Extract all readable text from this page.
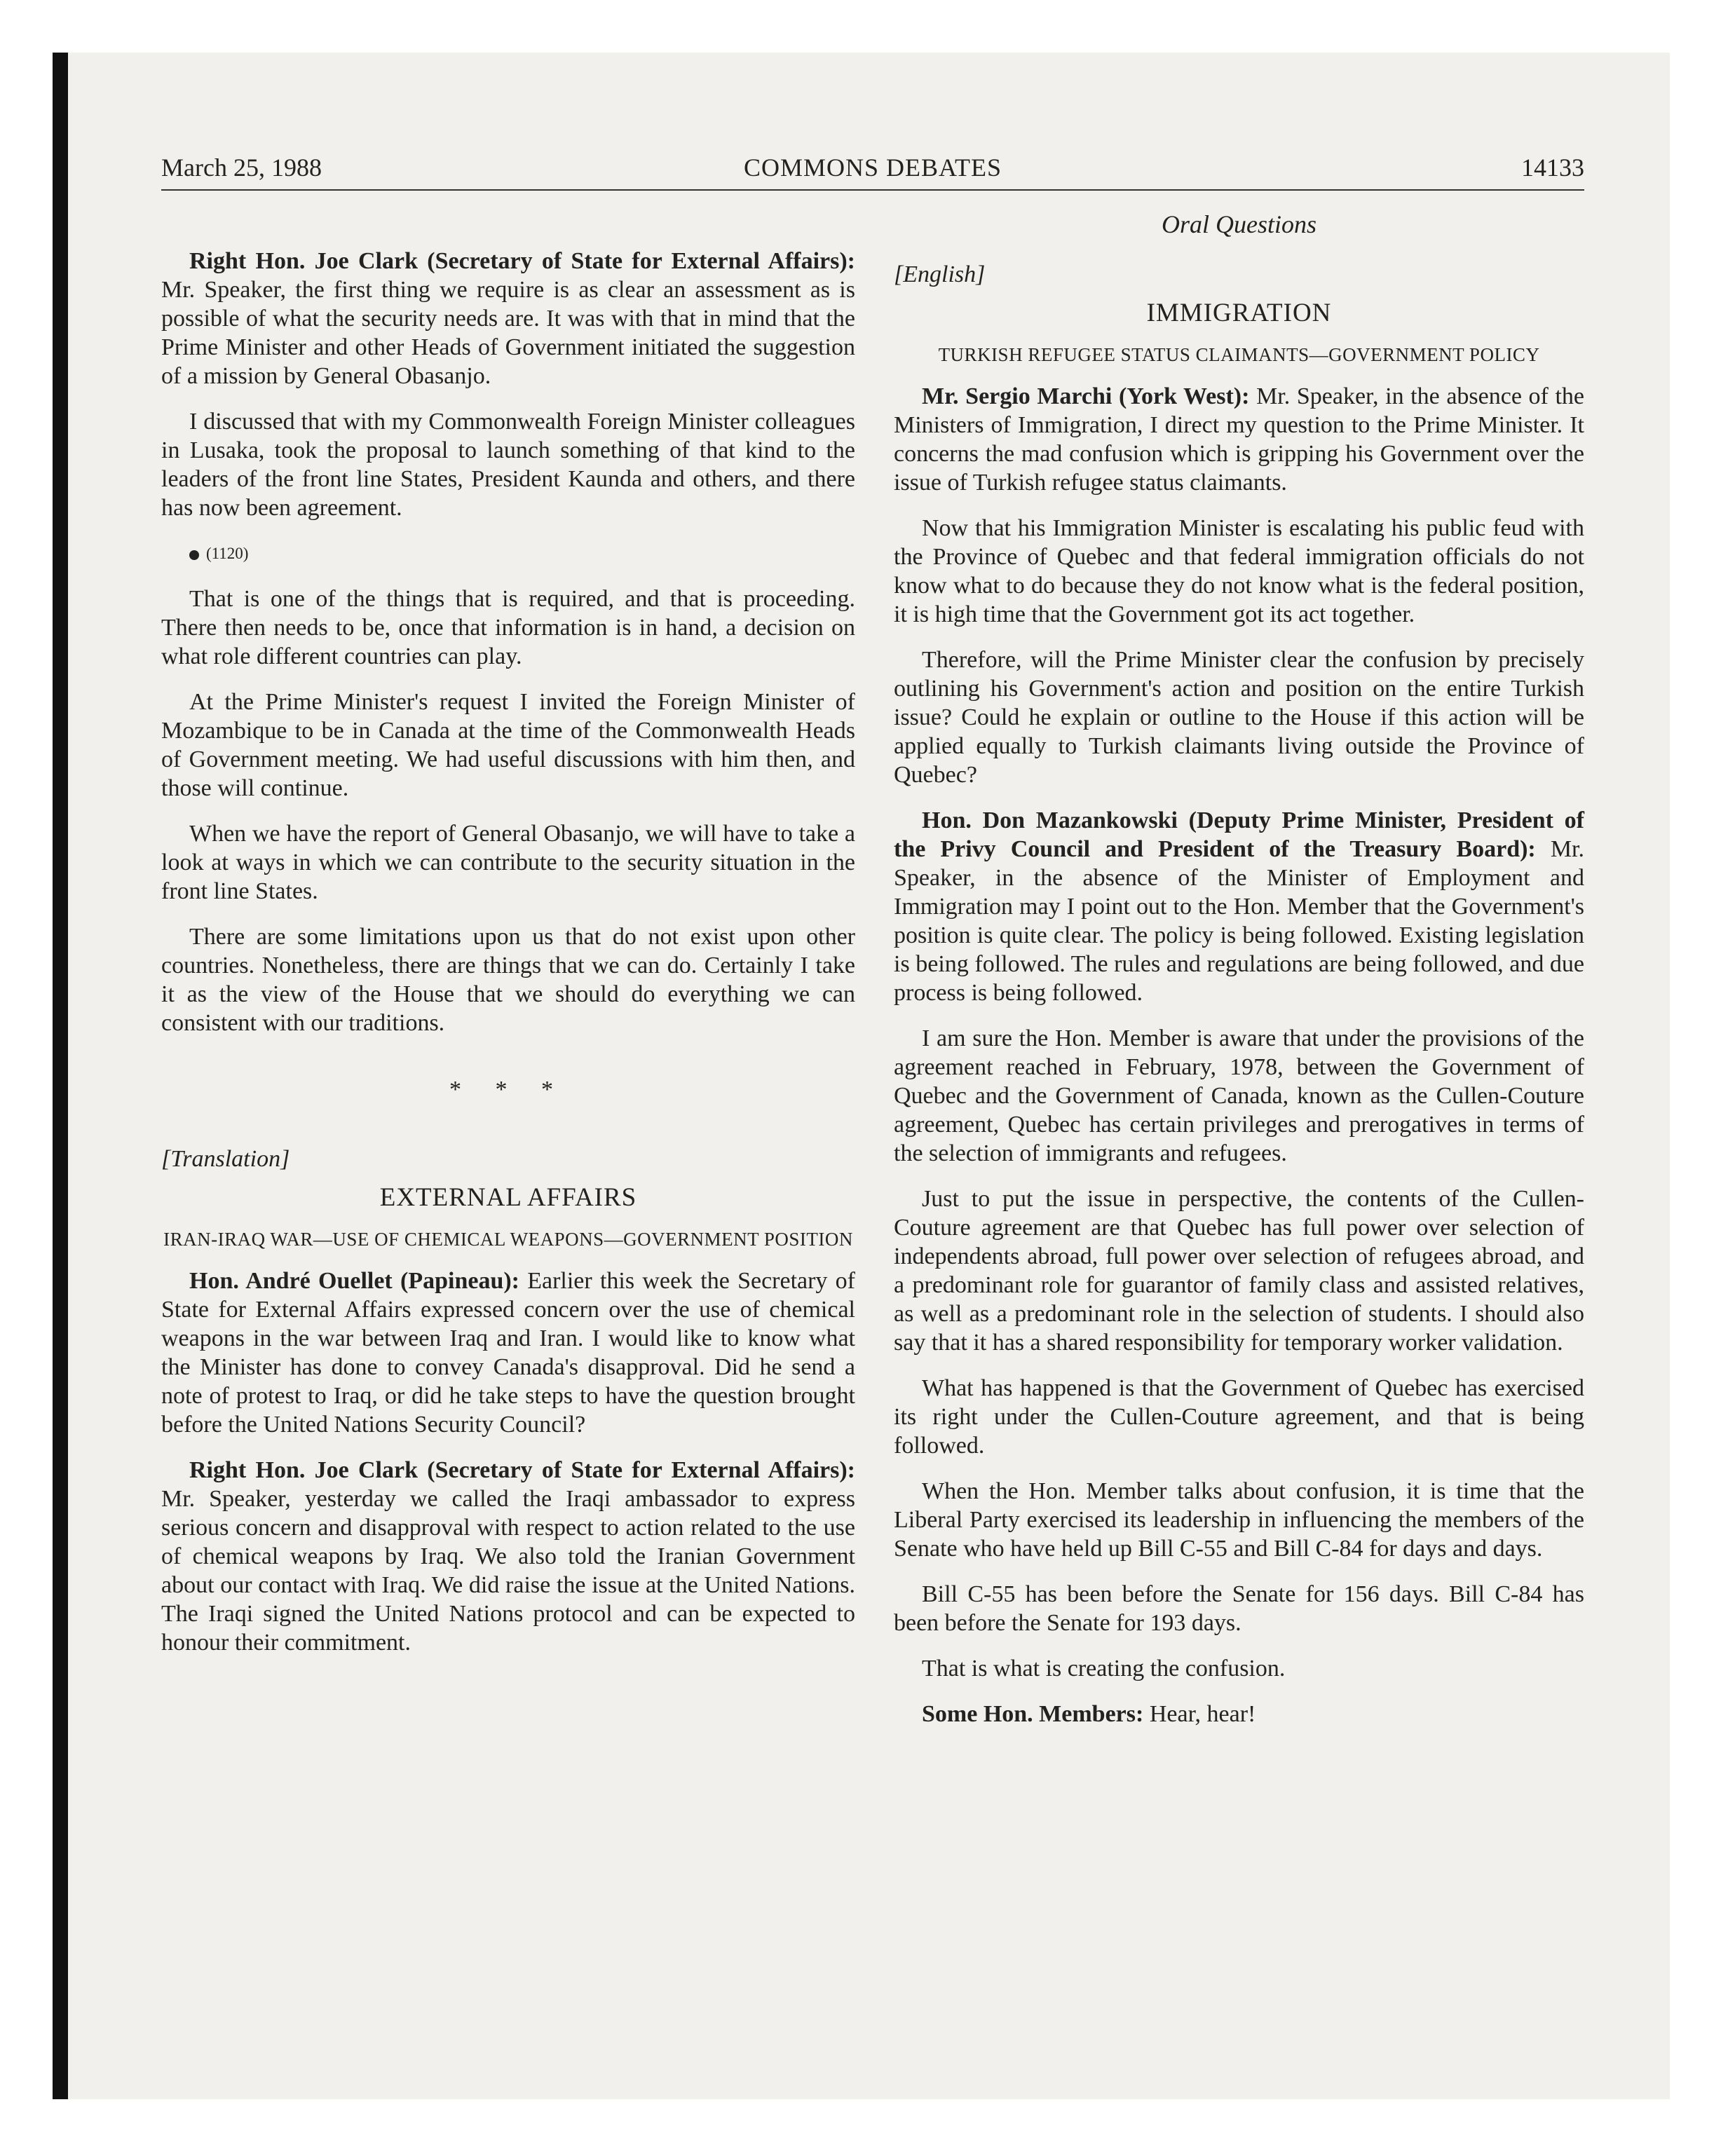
March 25, 1988	COMMONS DEBATES	14133

Right Hon. Joe Clark (Secretary of State for External Affairs): Mr. Speaker, the first thing we require is as clear an assessment as is possible of what the security needs are. It was with that in mind that the Prime Minister and other Heads of Government initiated the suggestion of a mission by General Obasanjo.

I discussed that with my Commonwealth Foreign Minister colleagues in Lusaka, took the proposal to launch something of that kind to the leaders of the front line States, President Kaunda and others, and there has now been agreement.

(1120)

That is one of the things that is required, and that is proceeding. There then needs to be, once that information is in hand, a decision on what role different countries can play.

At the Prime Minister's request I invited the Foreign Minister of Mozambique to be in Canada at the time of the Commonwealth Heads of Government meeting. We had useful discussions with him then, and those will continue.

When we have the report of General Obasanjo, we will have to take a look at ways in which we can contribute to the security situation in the front line States.

There are some limitations upon us that do not exist upon other countries. Nonetheless, there are things that we can do. Certainly I take it as the view of the House that we should do everything we can consistent with our traditions.

* * *
[Translation]
EXTERNAL AFFAIRS
IRAN-IRAQ WAR—USE OF CHEMICAL WEAPONS—GOVERNMENT POSITION

Hon. André Ouellet (Papineau): Earlier this week the Secretary of State for External Affairs expressed concern over the use of chemical weapons in the war between Iraq and Iran. I would like to know what the Minister has done to convey Canada's disapproval. Did he send a note of protest to Iraq, or did he take steps to have the question brought before the United Nations Security Council?

Right Hon. Joe Clark (Secretary of State for External Affairs): Mr. Speaker, yesterday we called the Iraqi ambassador to express serious concern and disapproval with respect to action related to the use of chemical weapons by Iraq. We also told the Iranian Government about our contact with Iraq. We did raise the issue at the United Nations. The Iraqi signed the United Nations protocol and can be expected to honour their commitment.

Oral Questions
[English]
IMMIGRATION
TURKISH REFUGEE STATUS CLAIMANTS—GOVERNMENT POLICY

Mr. Sergio Marchi (York West): Mr. Speaker, in the absence of the Ministers of Immigration, I direct my question to the Prime Minister. It concerns the mad confusion which is gripping his Government over the issue of Turkish refugee status claimants.

Now that his Immigration Minister is escalating his public feud with the Province of Quebec and that federal immigration officials do not know what to do because they do not know what is the federal position, it is high time that the Government got its act together.

Therefore, will the Prime Minister clear the confusion by precisely outlining his Government's action and position on the entire Turkish issue? Could he explain or outline to the House if this action will be applied equally to Turkish claimants living outside the Province of Quebec?

Hon. Don Mazankowski (Deputy Prime Minister, President of the Privy Council and President of the Treasury Board): Mr. Speaker, in the absence of the Minister of Employment and Immigration may I point out to the Hon. Member that the Government's position is quite clear. The policy is being followed. Existing legislation is being followed. The rules and regulations are being followed, and due process is being followed.

I am sure the Hon. Member is aware that under the provisions of the agreement reached in February, 1978, between the Government of Quebec and the Government of Canada, known as the Cullen-Couture agreement, Quebec has certain privileges and prerogatives in terms of the selection of immigrants and refugees.

Just to put the issue in perspective, the contents of the Cullen-Couture agreement are that Quebec has full power over selection of independents abroad, full power over selection of refugees abroad, and a predominant role for guarantor of family class and assisted relatives, as well as a predominant role in the selection of students. I should also say that it has a shared responsibility for temporary worker validation.

What has happened is that the Government of Quebec has exercised its right under the Cullen-Couture agreement, and that is being followed.

When the Hon. Member talks about confusion, it is time that the Liberal Party exercised its leadership in influencing the members of the Senate who have held up Bill C-55 and Bill C-84 for days and days.

Bill C-55 has been before the Senate for 156 days. Bill C-84 has been before the Senate for 193 days.

That is what is creating the confusion.

Some Hon. Members: Hear, hear!
